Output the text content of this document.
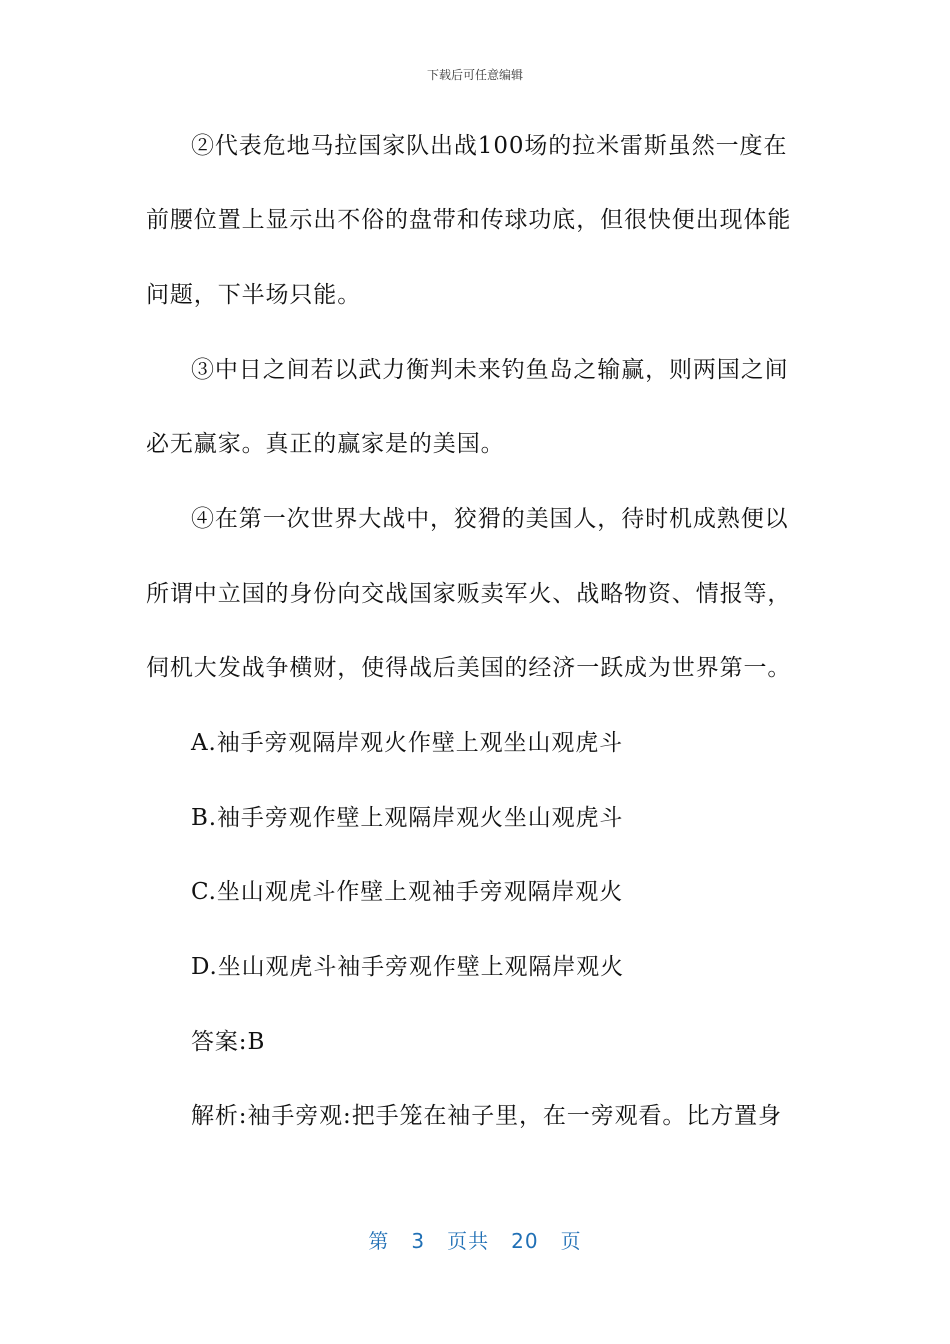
下载后可任意编辑
②代表危地马拉国家队出战100场的拉米雷斯虽然一度在
前腰位置上显示出不俗的盘带和传球功底，但很快便出现体能
问题，下半场只能。
③中日之间若以武力衡判未来钓鱼岛之输赢，则两国之间
必无赢家。真正的赢家是的美国。
④在第一次世界大战中，狡猾的美国人，待时机成熟便以
所谓中立国的身份向交战国家贩卖军火、战略物资、情报等，
伺机大发战争横财，使得战后美国的经济一跃成为世界第一。
A.袖手旁观隔岸观火作壁上观坐山观虎斗
B.袖手旁观作壁上观隔岸观火坐山观虎斗
C.坐山观虎斗作壁上观袖手旁观隔岸观火
D.坐山观虎斗袖手旁观作壁上观隔岸观火
答案:B
解析:袖手旁观:把手笼在袖子里，在一旁观看。比方置身
第 3 页共 20 页
